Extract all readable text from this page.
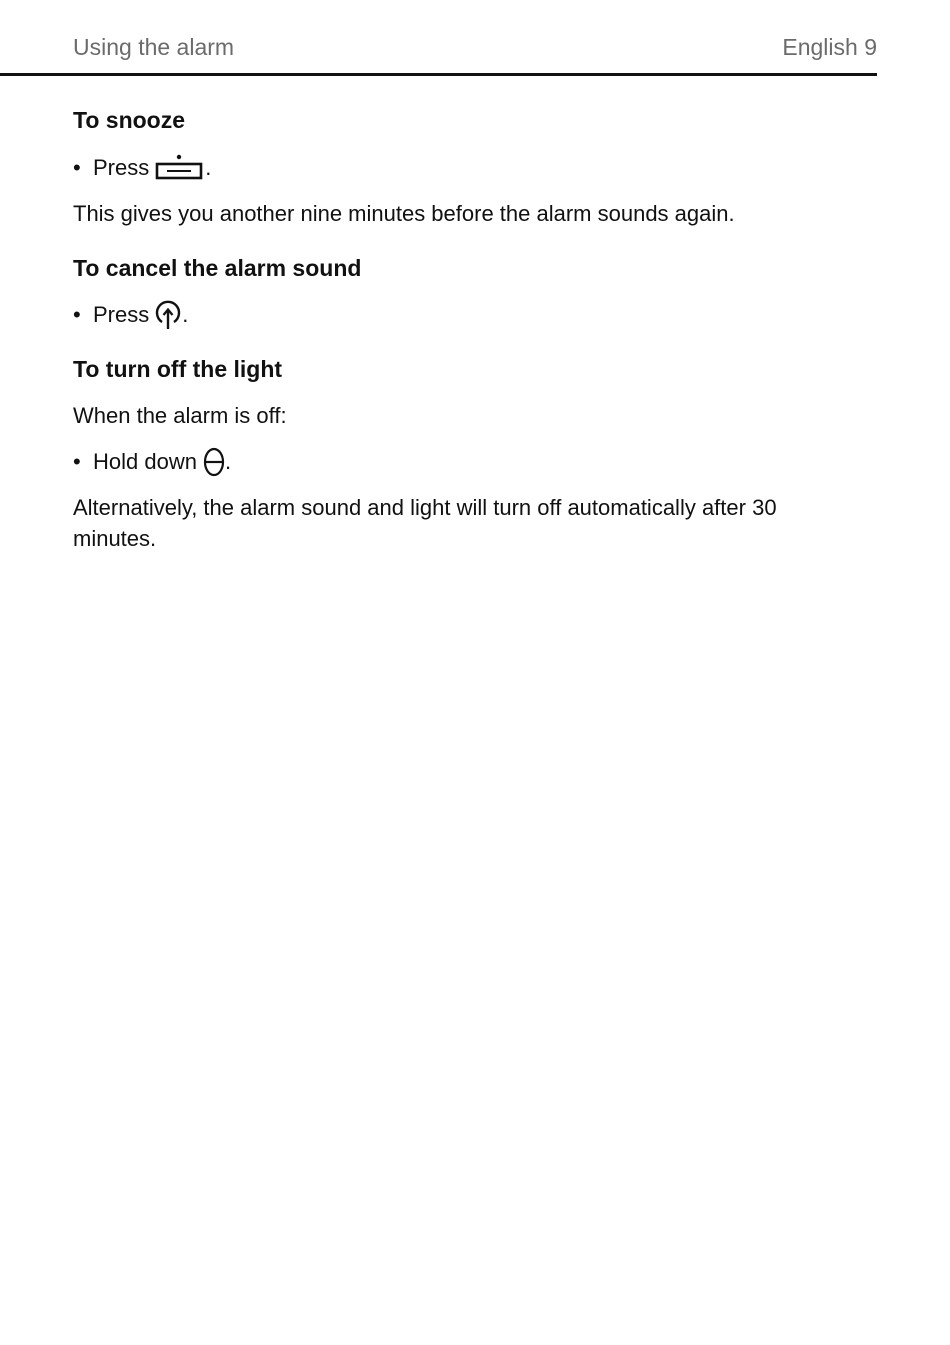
Using the alarm	English 9
To snooze
• Press	.

This gives you another nine minutes before the alarm sounds again.

To cancel the alarm sound
• Press .
To turn off the light

When the alarm is off:

• Hold down .

Alternatively, the alarm sound and light will turn off automatically after 30 minutes.
